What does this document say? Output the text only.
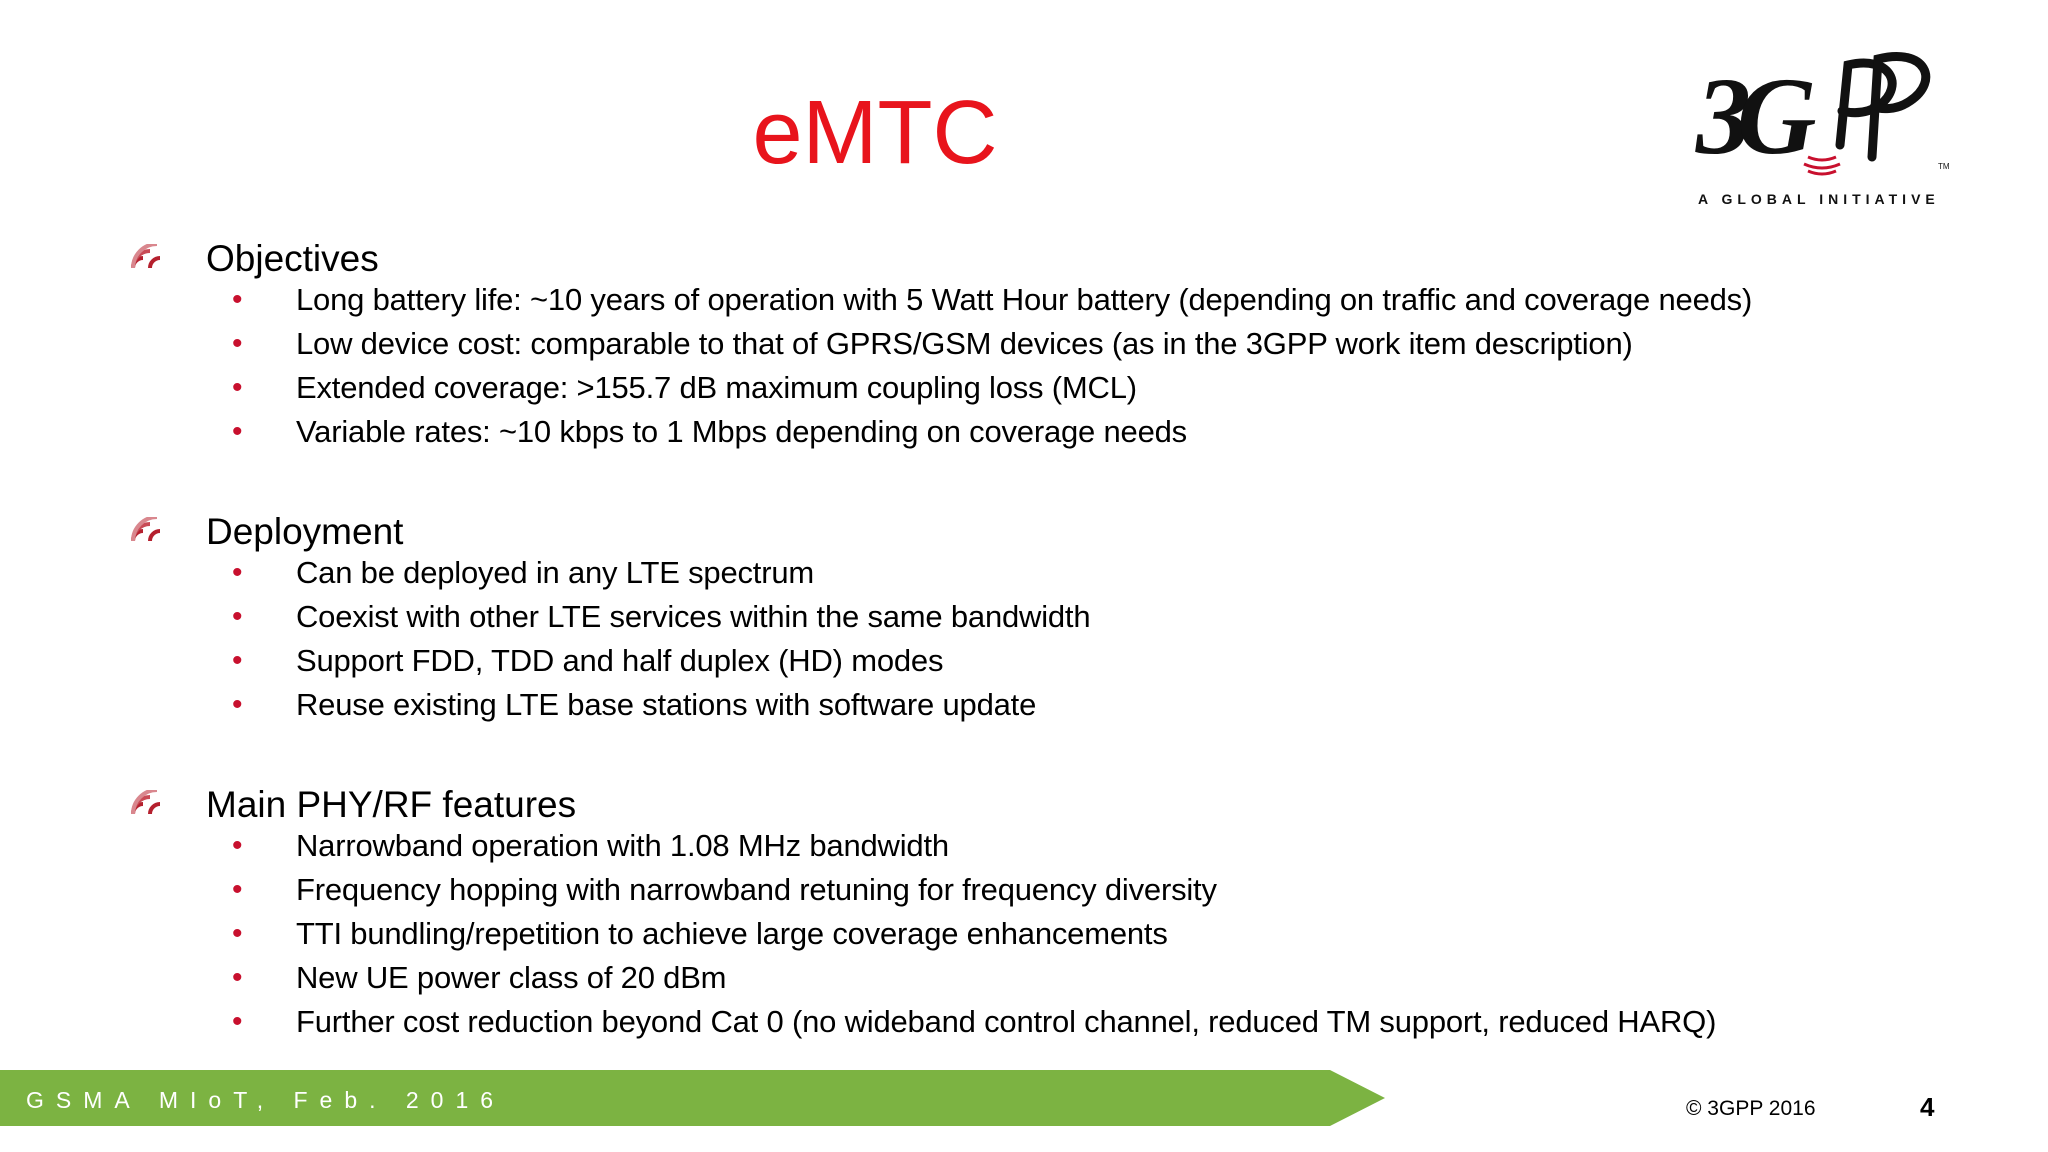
eMTC	3G	TM
A GLOBAL INITIATIVE
Objectives
• Long battery life: ~10 years of operation with 5 Watt Hour battery (depending on traffic and coverage needs)
• Low device cost: comparable to that of GPRS/GSM devices (as in the 3GPP work item description)
• Extended coverage: >155.7 dB maximum coupling loss (MCL)
• Variable rates: ~10 kbps to 1 Mbps depending on coverage needs
Deployment
• Can be deployed in any LTE spectrum
• Coexist with other LTE services within the same bandwidth
• Support FDD, TDD and half duplex (HD) modes
• Reuse existing LTE base stations with software update
Main PHY/RF features
• Narrowband operation with 1.08 MHz bandwidth
• Frequency hopping with narrowband retuning for frequency diversity
• TTI bundling/repetition to achieve large coverage enhancements
• New UE power class of 20 dBm
• Further cost reduction beyond Cat 0 (no wideband control channel, reduced TM support, reduced HARQ)
GSMA MIoT, Feb. 2016	© 3GPP 2016	4
